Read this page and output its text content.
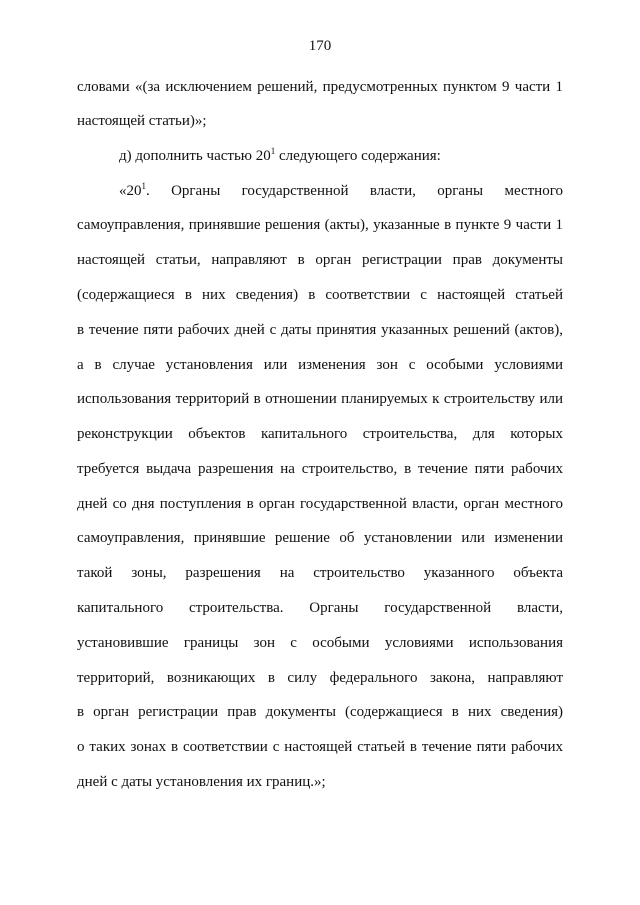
170
словами «(за исключением решений, предусмотренных пунктом 9 части 1
настоящей статьи)»;
д) дополнить частью $20^1$ следующего содержания:
«$20^1$ . Органы государственной власти, органы местного
самоуправления, принявшие решения (акты), указанные в пункте 9 части 1
настоящей статьи, направляют в орган регистрации прав документы
(содержащиеся в них сведения) в соответствии с настоящей статьей
в течение пяти рабочих дней с даты принятия указанных решений (актов),
а в случае установления или изменения зон с особыми условиями
использования территорий в отношении планируемых к строительству или
реконструкции объектов капитального строительства, для которых
требуется выдача разрешения на строительство, в течение пяти рабочих
дней со дня поступления в орган государственной власти, орган местного
самоуправления, принявшие решение об установлении или изменении
такой зоны, разрешения на строительство указанного объекта
капитального строительства. Органы государственной власти,
установившие границы зон с особыми условиями использования
территорий, возникающих в силу федерального закона, направляют
в орган регистрации прав документы (содержащиеся в них сведения)
о таких зонах в соответствии с настоящей статьей в течение пяти рабочих
дней с даты установления их границ.»;
